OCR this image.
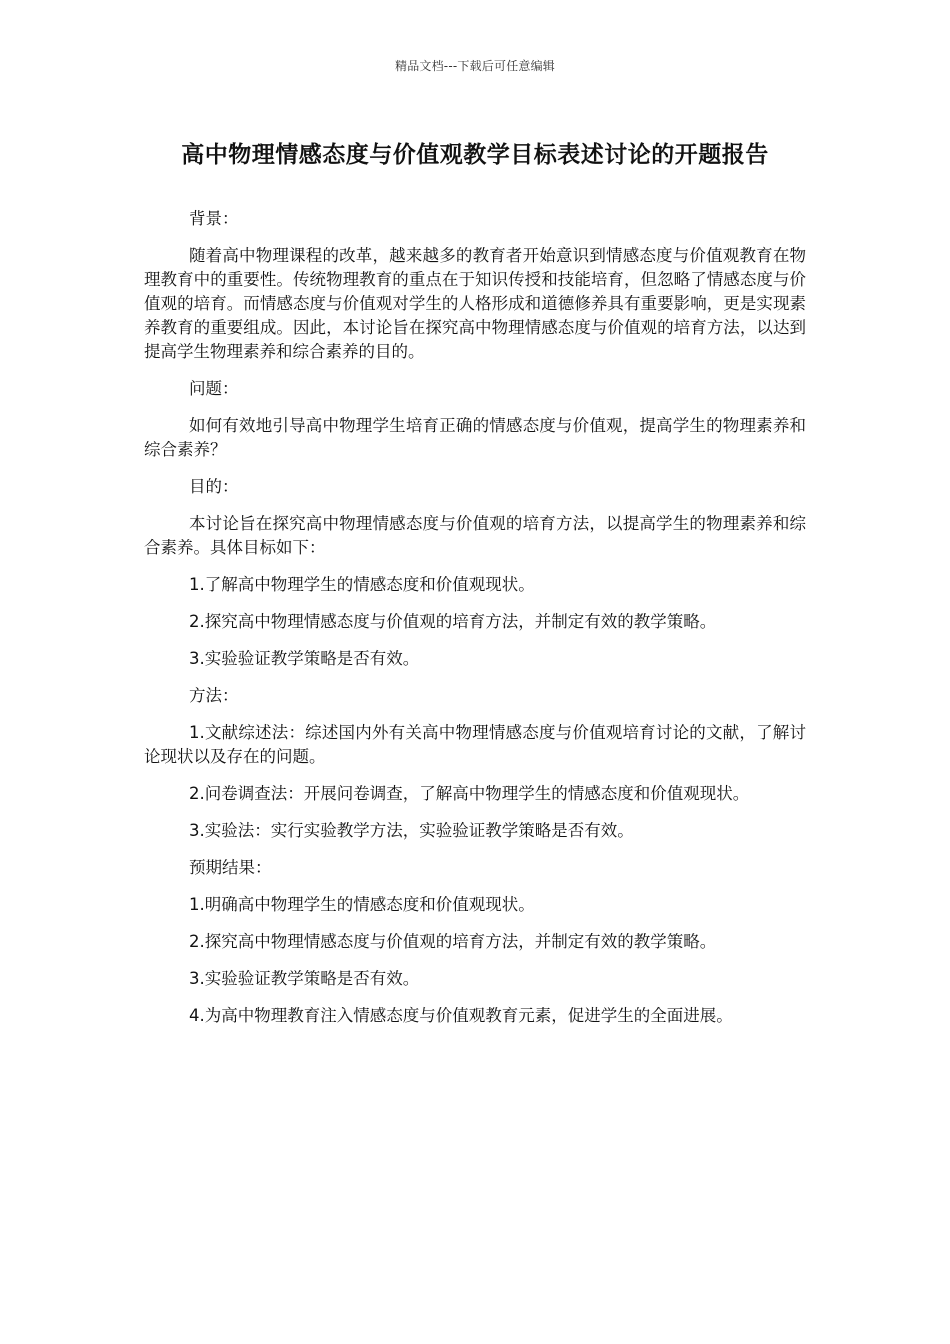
精品文档---下载后可任意编辑
高中物理情感态度与价值观教学目标表述讨论的开题报告

背景：

随着高中物理课程的改革，越来越多的教育者开始意识到情感态度与价值观教育在物理教育中的重要性。传统物理教育的重点在于知识传授和技能培育，但忽略了情感态度与价值观的培育。而情感态度与价值观对学生的人格形成和道德修养具有重要影响，更是实现素养教育的重要组成。因此，本讨论旨在探究高中物理情感态度与价值观的培育方法，以达到提高学生物理素养和综合素养的目的。

问题：

如何有效地引导高中物理学生培育正确的情感态度与价值观，提高学生的物理素养和综合素养？

目的：

本讨论旨在探究高中物理情感态度与价值观的培育方法，以提高学生的物理素养和综合素养。具体目标如下：

1.了解高中物理学生的情感态度和价值观现状。

2.探究高中物理情感态度与价值观的培育方法，并制定有效的教学策略。

3.实验验证教学策略是否有效。

方法：

1.文献综述法：综述国内外有关高中物理情感态度与价值观培育讨论的文献，了解讨论现状以及存在的问题。

2.问卷调查法：开展问卷调查，了解高中物理学生的情感态度和价值观现状。

3.实验法：实行实验教学方法，实验验证教学策略是否有效。

预期结果：

1.明确高中物理学生的情感态度和价值观现状。

2.探究高中物理情感态度与价值观的培育方法，并制定有效的教学策略。

3.实验验证教学策略是否有效。

4.为高中物理教育注入情感态度与价值观教育元素，促进学生的全面进展。
